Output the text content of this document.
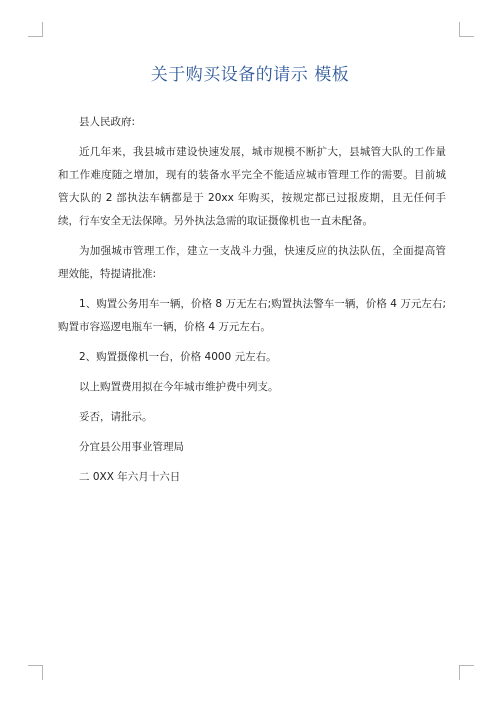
关于购买设备的请示 模板

县人民政府:

近几年来，我县城市建设快速发展，城市规模不断扩大，县城管大队的工作量和工作难度随之增加，现有的装备水平完全不能适应城市管理工作的需要。目前城管大队的 2 部执法车辆都是于 20xx 年购买，按规定都已过报废期，且无任何手续，行车安全无法保障。另外执法急需的取证摄像机也一直未配备。

为加强城市管理工作，建立一支战斗力强，快速反应的执法队伍，全面提高管理效能，特提请批准:

1、购置公务用车一辆，价格 8 万无左右;购置执法警车一辆，价格 4 万元左右;购置市容巡逻电瓶车一辆，价格 4 万元左右。

2、购置摄像机一台，价格 4000 元左右。

以上购置费用拟在今年城市维护费中列支。

妥否，请批示。

分宜县公用事业管理局

二 0XX 年六月十六日
